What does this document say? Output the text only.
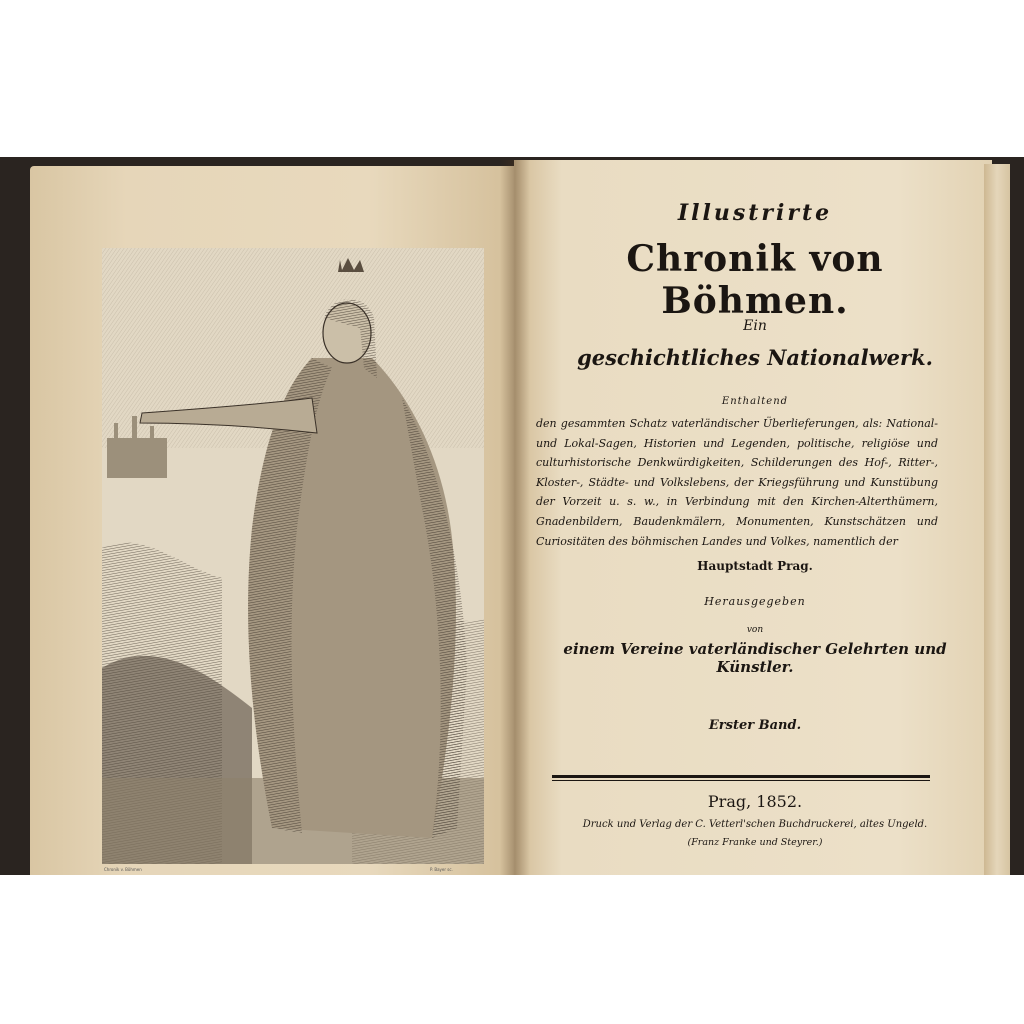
Chronik v. Böhmen	P. Bayer sc.
Illustrirte
Chronik von Böhmen.
Ein
geschichtliches Nationalwerk.
Enthaltend
den gesammten Schatz vaterländischer Überlieferungen, als: National- und Lokal-Sagen, Historien und Legenden, politische, religiöse und culturhistorische Denkwürdigkeiten, Schilderungen des Hof-, Ritter-, Kloster-, Städte- und Volkslebens, der Kriegsführung und Kunstübung der Vorzeit u. s. w., in Verbindung mit den Kirchen-Alterthümern, Gnadenbildern, Baudenkmälern, Monumenten, Kunstschätzen und Curiositäten des böhmischen Landes und Volkes, namentlich der
Hauptstadt Prag.
Herausgegeben
von
einem Vereine vaterländischer Gelehrten und Künstler.
Erster Band.
Prag, 1852.
Druck und Verlag der C. Vetterl'schen Buchdruckerei, altes Ungeld.
(Franz Franke und Steyrer.)
